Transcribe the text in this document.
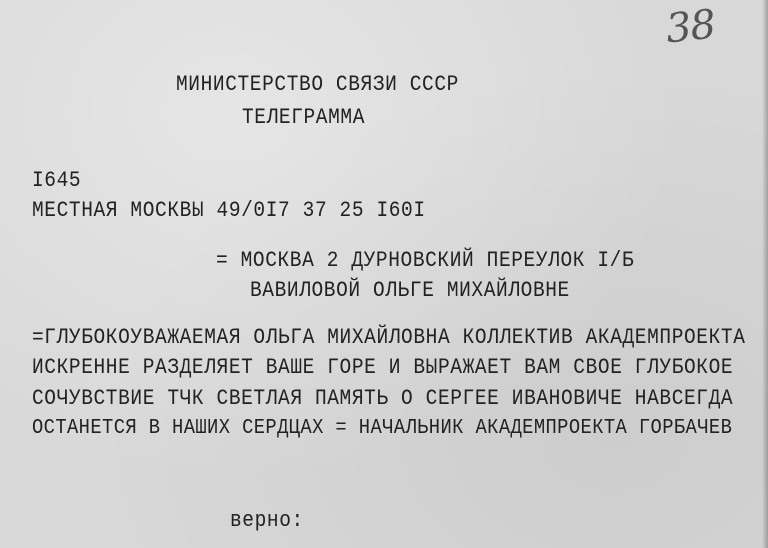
38
МИНИСТЕРСТВО СВЯЗИ СССР
ТЕЛЕГРАММА
I645
МЕСТНАЯ МОСКВЫ 49/0I7 37 25 I60I
= МОСКВА 2 ДУРНОВСКИЙ ПЕРЕУЛОК I/Б
ВАВИЛОВОЙ ОЛЬГЕ МИХАЙЛОВНЕ
=ГЛУБОКОУВАЖАЕМАЯ ОЛЬГА МИХАЙЛОВНА КОЛЛЕКТИВ АКАДЕМПРОЕКТА
ИСКРЕННЕ РАЗДЕЛЯЕТ ВАШЕ ГОРЕ И ВЫРАЖАЕТ ВАМ СВОЕ ГЛУБОКОЕ
СОЧУВСТВИЕ ТЧК СВЕТЛАЯ ПАМЯТЬ О СЕРГЕЕ ИВАНОВИЧЕ НАВСЕГДА
ОСТАНЕТСЯ В НАШИХ СЕРДЦАХ = НАЧАЛЬНИК АКАДЕМПРОЕКТА ГОРБАЧЕВ
верно:
